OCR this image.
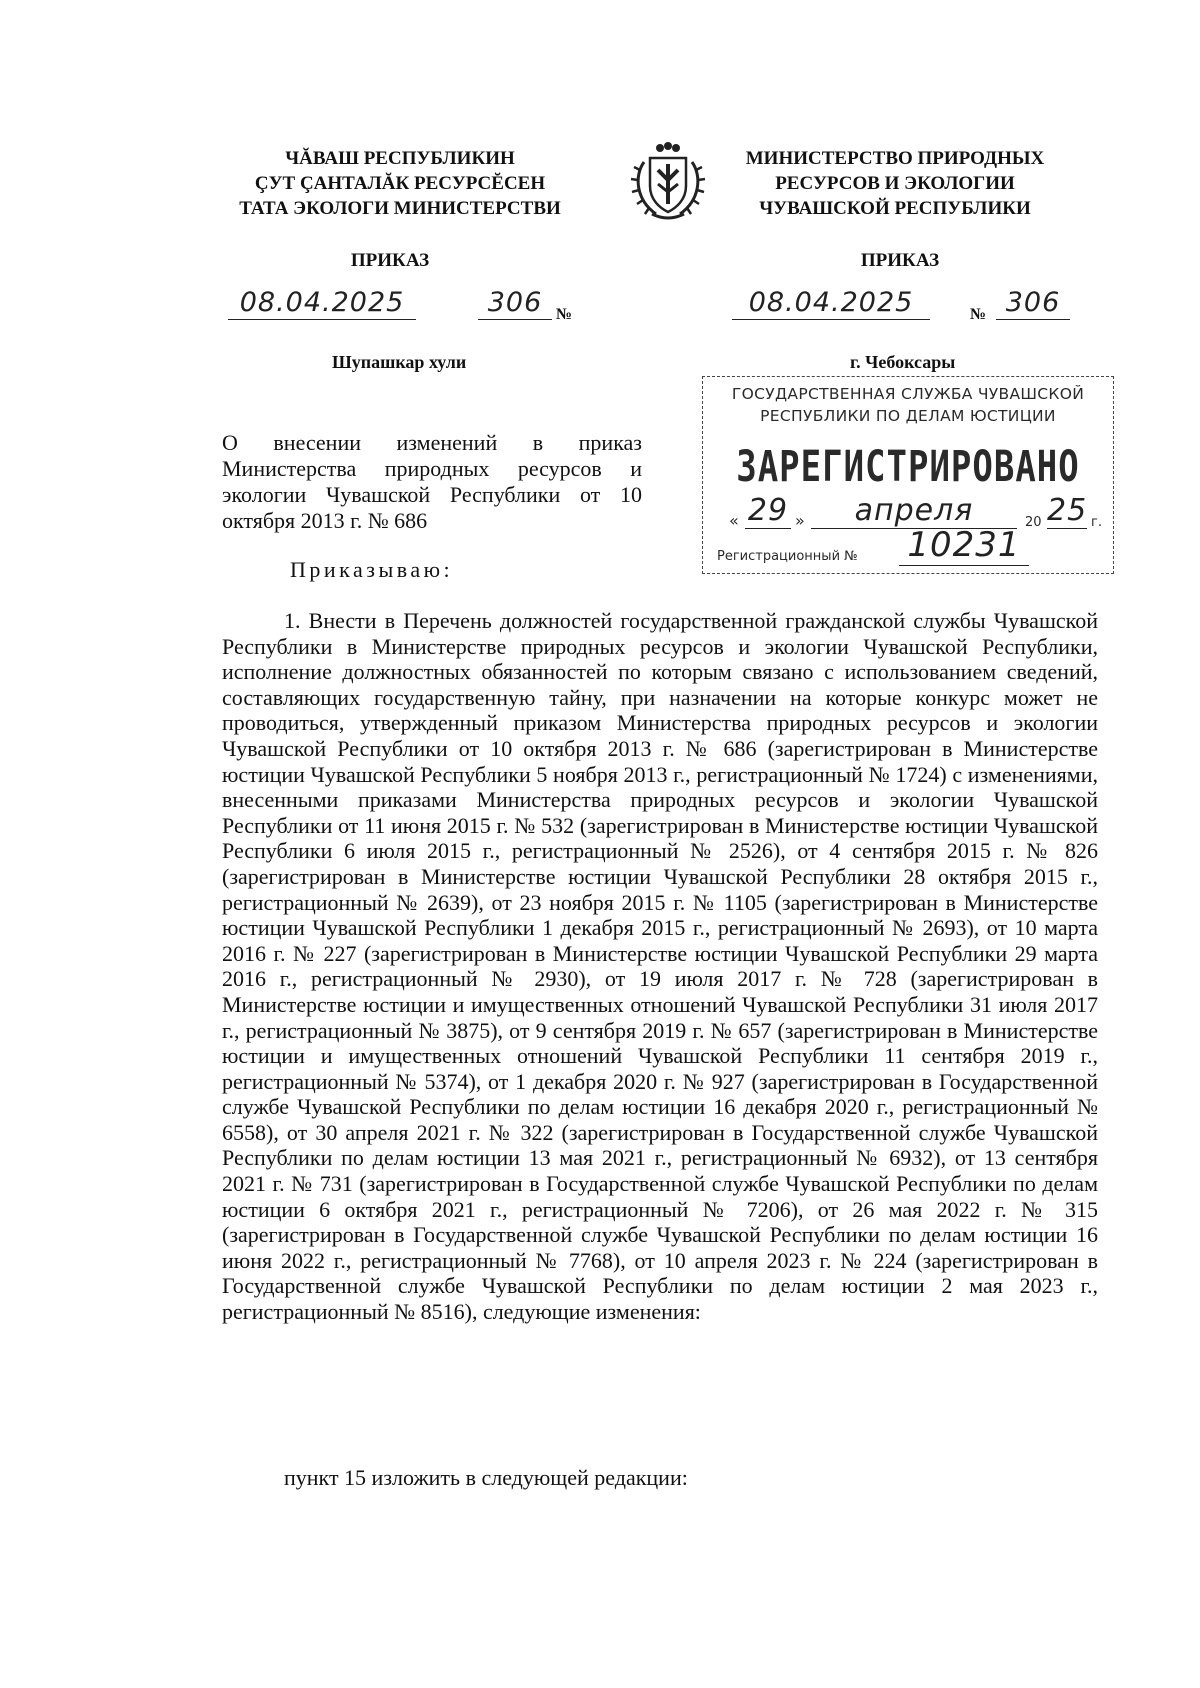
ЧĂВАШ РЕСПУБЛИКИН
ÇУТ ÇАНТАЛĂК РЕСУРСĔСЕН
ТАТА ЭКОЛОГИ МИНИСТЕРСТВИ
МИНИСТЕРСТВО ПРИРОДНЫХ
РЕСУРСОВ И ЭКОЛОГИИ
ЧУВАШСКОЙ РЕСПУБЛИКИ
ПРИКАЗ	ПРИКАЗ
08.04.2025	306 №	08.04.2025	№ 306
Шупашкар хули	г. Чебоксары
ГОСУДАРСТВЕННАЯ СЛУЖБА ЧУВАШСКОЙ
РЕСПУБЛИКИ ПО ДЕЛАМ ЮСТИЦИИ
ЗАРЕГИСТРИРОВАНО
« 29 »	апреля	20 25 г.
Регистрационный № 10231
О внесении изменений в приказ Министерства природных ресурсов и экологии Чувашской Республики от 10 октября 2013 г. № 686
Приказываю:
1. Внести в Перечень должностей государственной гражданской службы Чувашской Республики в Министерстве природных ресурсов и экологии Чувашской Республики, исполнение должностных обязанностей по которым связано с использованием сведений, составляющих государственную тайну, при назначении на которые конкурс может не проводиться, утвержденный приказом Министерства природных ресурсов и экологии Чувашской Республики от 10 октября 2013 г. № 686 (зарегистрирован в Министерстве юстиции Чувашской Республики 5 ноября 2013 г., регистрационный № 1724) с изменениями, внесенными приказами Министерства природных ресурсов и экологии Чувашской Республики от 11 июня 2015 г. № 532 (зарегистрирован в Министерстве юстиции Чувашской Республики 6 июля 2015 г., регистрационный № 2526), от 4 сентября 2015 г. № 826 (зарегистрирован в Министерстве юстиции Чувашской Республики 28 октября 2015 г., регистрационный № 2639), от 23 ноября 2015 г. № 1105 (зарегистрирован в Министерстве юстиции Чувашской Республики 1 декабря 2015 г., регистрационный № 2693), от 10 марта 2016 г. № 227 (зарегистрирован в Министерстве юстиции Чувашской Республики 29 марта 2016 г., регистрационный № 2930), от 19 июля 2017 г. № 728 (зарегистрирован в Министерстве юстиции и имущественных отношений Чувашской Республики 31 июля 2017 г., регистрационный № 3875), от 9 сентября 2019 г. № 657 (зарегистрирован в Министерстве юстиции и имущественных отношений Чувашской Республики 11 сентября 2019 г., регистрационный № 5374), от 1 декабря 2020 г. № 927 (зарегистрирован в Государственной службе Чувашской Республики по делам юстиции 16 декабря 2020 г., регистрационный № 6558), от 30 апреля 2021 г. № 322 (зарегистрирован в Государственной службе Чувашской Республики по делам юстиции 13 мая 2021 г., регистрационный № 6932), от 13 сентября 2021 г. № 731 (зарегистрирован в Государственной службе Чувашской Республики по делам юстиции 6 октября 2021 г., регистрационный № 7206), от 26 мая 2022 г. № 315 (зарегистрирован в Государственной службе Чувашской Республики по делам юстиции 16 июня 2022 г., регистрационный № 7768), от 10 апреля 2023 г. № 224 (зарегистрирован в Государственной службе Чувашской Республики по делам юстиции 2 мая 2023 г., регистрационный № 8516), следующие изменения:
пункт 15 изложить в следующей редакции:
